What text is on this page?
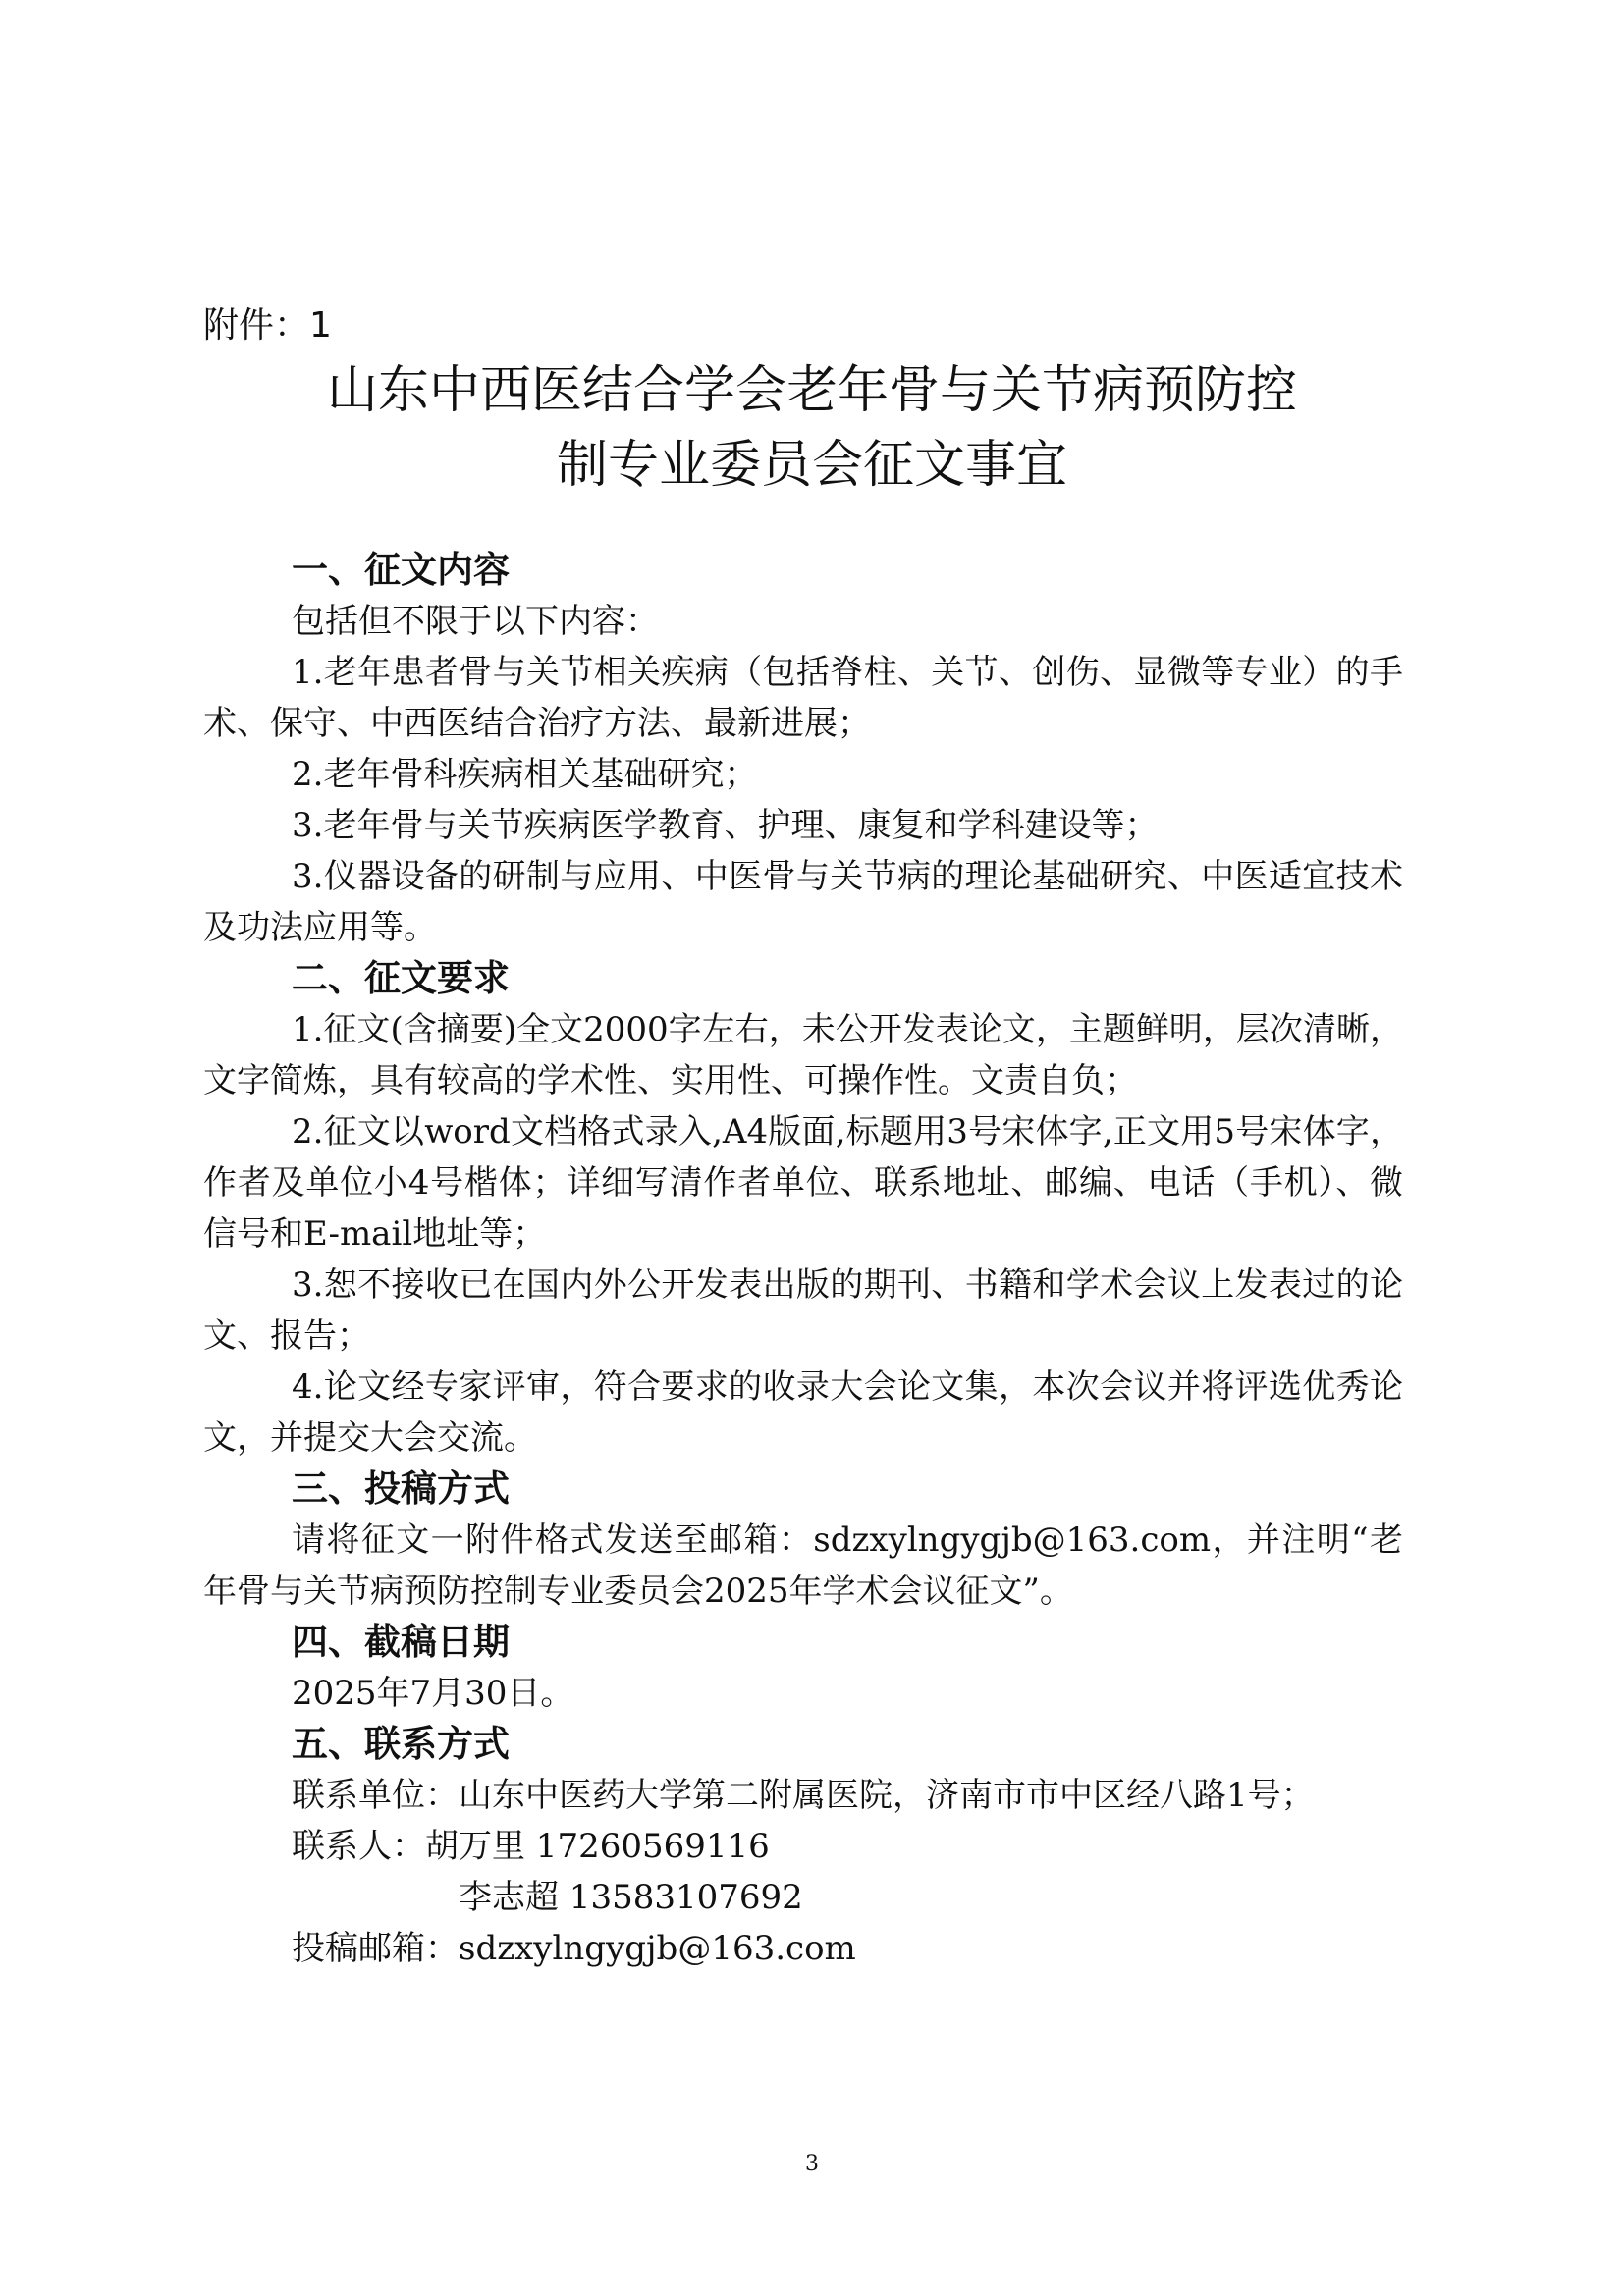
附件：1
山东中西医结合学会老年骨与关节病预防控
制专业委员会征文事宜
一、征文内容
包括但不限于以下内容：
1.老年患者骨与关节相关疾病（包括脊柱、关节、创伤、显微等专业）的手术、保守、中西医结合治疗方法、最新进展；
2.老年骨科疾病相关基础研究；
3.老年骨与关节疾病医学教育、护理、康复和学科建设等；
3.仪器设备的研制与应用、中医骨与关节病的理论基础研究、中医适宜技术及功法应用等。
二、征文要求
1.征文(含摘要)全文2000字左右，未公开发表论文，主题鲜明，层次清晰，文字简炼，具有较高的学术性、实用性、可操作性。文责自负；
2.征文以word文档格式录入,A4版面,标题用3号宋体字,正文用5号宋体字，作者及单位小4号楷体；详细写清作者单位、联系地址、邮编、电话（手机）、微信号和E-mail地址等；
3.恕不接收已在国内外公开发表出版的期刊、书籍和学术会议上发表过的论文、报告；
4.论文经专家评审，符合要求的收录大会论文集，本次会议并将评选优秀论文，并提交大会交流。
三、投稿方式
请将征文一附件格式发送至邮箱：sdzxylngygjb@163.com，并注明“老年骨与关节病预防控制专业委员会2025年学术会议征文”。
四、截稿日期
2025年7月30日。
五、联系方式
联系单位：山东中医药大学第二附属医院，济南市市中区经八路1号；
联系人：胡万里 17260569116
李志超 13583107692
投稿邮箱：sdzxylngygjb@163.com
3
